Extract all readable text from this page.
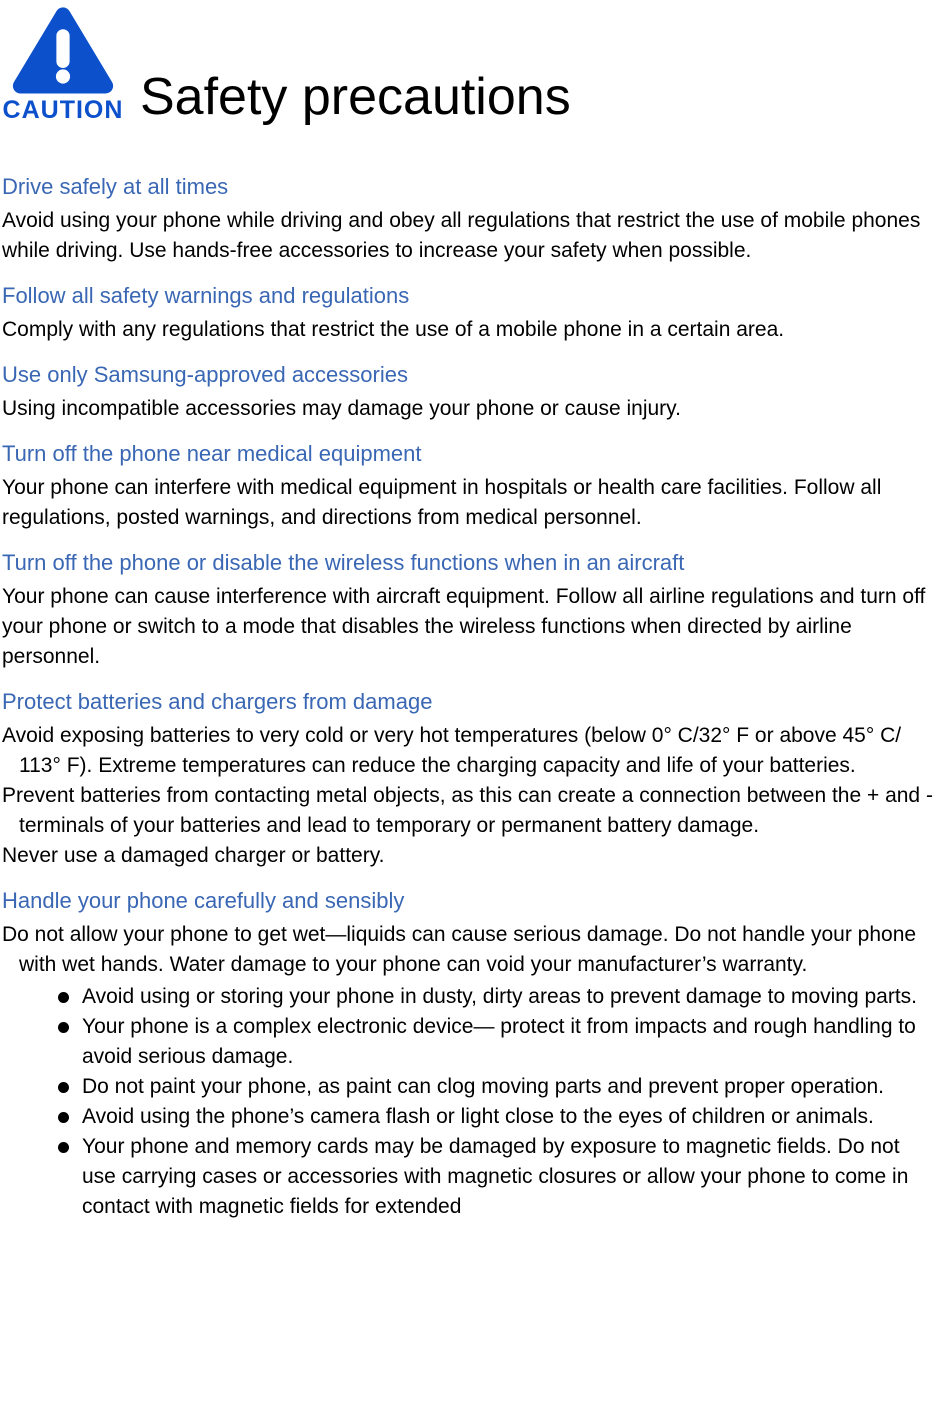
CAUTION Safety precautions
Drive safely at all times

Avoid using your phone while driving and obey all regulations that restrict the use of mobile phones while driving. Use hands-free accessories to increase your safety when possible.

Follow all safety warnings and regulations

Comply with any regulations that restrict the use of a mobile phone in a certain area.

Use only Samsung-approved accessories

Using incompatible accessories may damage your phone or cause injury.

Turn off the phone near medical equipment

Your phone can interfere with medical equipment in hospitals or health care facilities. Follow all regulations, posted warnings, and directions from medical personnel.

Turn off the phone or disable the wireless functions when in an aircraft

Your phone can cause interference with aircraft equipment. Follow all airline regulations and turn off your phone or switch to a mode that disables the wireless functions when directed by airline personnel.

Protect batteries and chargers from damage

Avoid exposing batteries to very cold or very hot temperatures (below 0° C/32° F or above 45° C/ 113° F). Extreme temperatures can reduce the charging capacity and life of your batteries.

Prevent batteries from contacting metal objects, as this can create a connection between the + and - terminals of your batteries and lead to temporary or permanent battery damage.

Never use a damaged charger or battery.

Handle your phone carefully and sensibly

Do not allow your phone to get wet—liquids can cause serious damage. Do not handle your phone with wet hands. Water damage to your phone can void your manufacturer’s warranty.

Avoid using or storing your phone in dusty, dirty areas to prevent damage to moving parts.
Your phone is a complex electronic device— protect it from impacts and rough handling to avoid serious damage.
Do not paint your phone, as paint can clog moving parts and prevent proper operation.
Avoid using the phone’s camera flash or light close to the eyes of children or animals.
Your phone and memory cards may be damaged by exposure to magnetic fields. Do not use carrying cases or accessories with magnetic closures or allow your phone to come in contact with magnetic fields for extended
